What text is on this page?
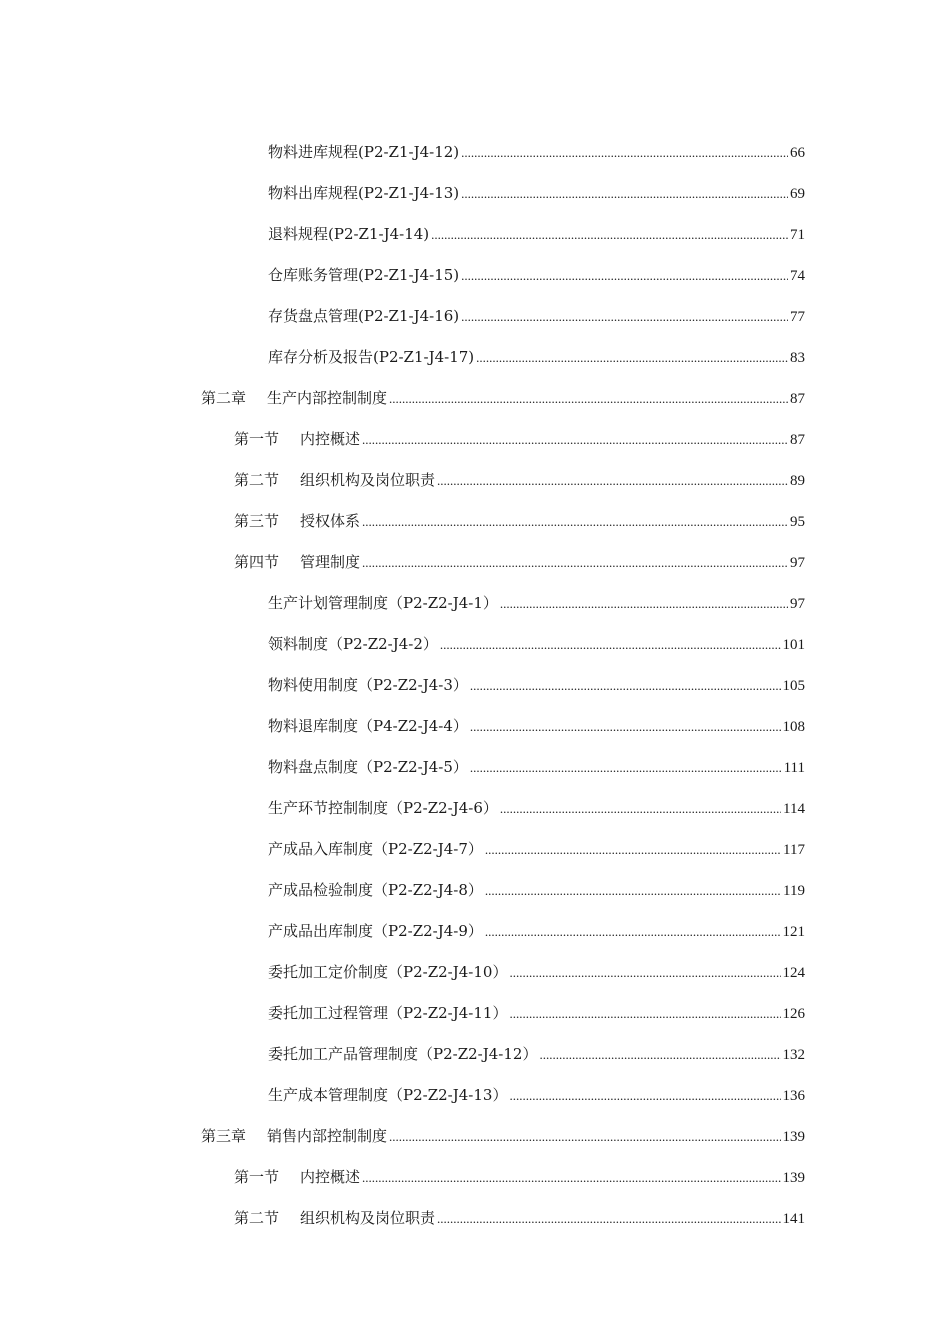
物料进库规程(P2-Z1-J4-12) .....	66
物料出库规程(P2-Z1-J4-13) .....	69
退料规程(P2-Z1-J4-14) .....	71
仓库账务管理(P2-Z1-J4-15) .....	74
存货盘点管理(P2-Z1-J4-16) .....	77
库存分析及报告(P2-Z1-J4-17) .....	83
第二章	生产内部控制制度 .....	87
第一节	内控概述 .....	87
第二节	组织机构及岗位职责 .....	89
第三节	授权体系 .....	95
第四节	管理制度 .....	97
生产计划管理制度（P2-Z2-J4-1） .....	97
领料制度（P2-Z2-J4-2） .....	101
物料使用制度（P2-Z2-J4-3） .....	105
物料退库制度（P4-Z2-J4-4） .....	108
物料盘点制度（P2-Z2-J4-5） .....	111
生产环节控制制度（P2-Z2-J4-6） .....	114
产成品入库制度（P2-Z2-J4-7） .....	117
产成品检验制度（P2-Z2-J4-8） .....	119
产成品出库制度（P2-Z2-J4-9） .....	121
委托加工定价制度（P2-Z2-J4-10） .....	124
委托加工过程管理（P2-Z2-J4-11） .....	126
委托加工产品管理制度（P2-Z2-J4-12） .....	132
生产成本管理制度（P2-Z2-J4-13） .....	136
第三章	销售内部控制制度 .....	139
第一节	内控概述 .....	139
第二节	组织机构及岗位职责 .....	141
